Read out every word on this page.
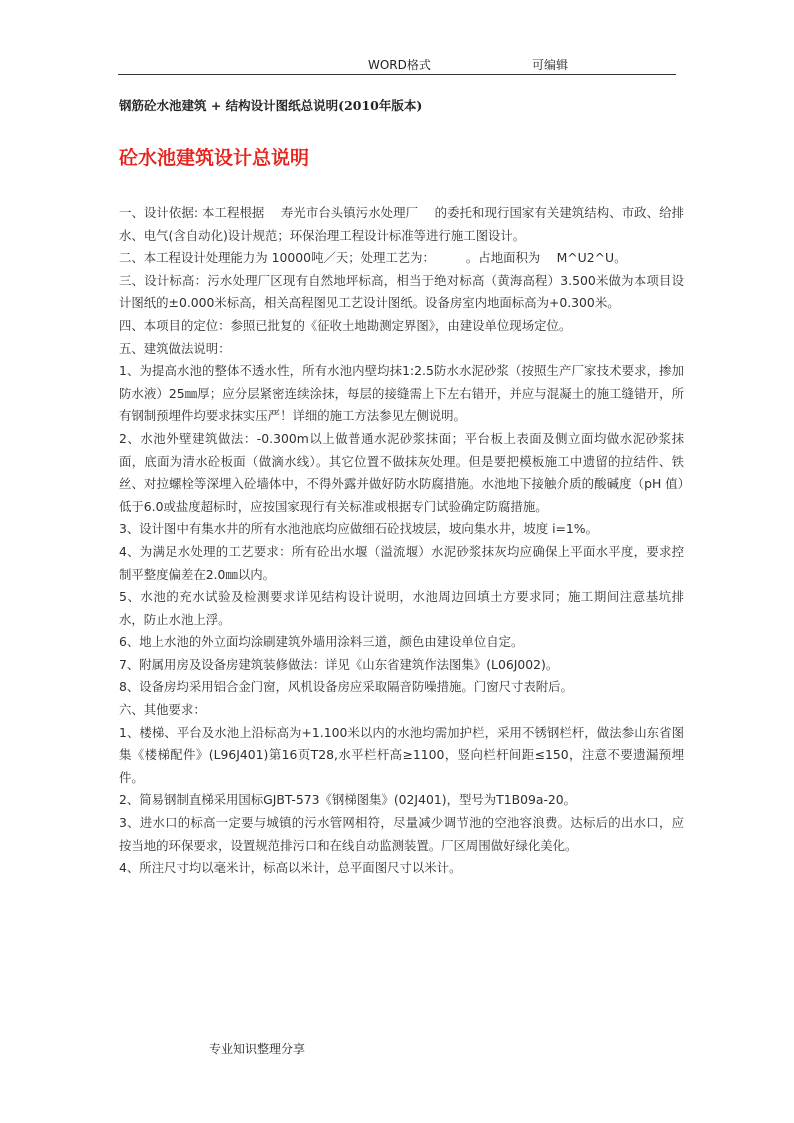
WORD格式	可编辑
钢筋砼水池建筑 + 结构设计图纸总说明(2010年版本)
砼水池建筑设计总说明

一、设计依据: 本工程根据　 寿光市台头镇污水处理厂　 的委托和现行国家有关建筑结构、市政、给排水、电气(含自动化)设计规范；环保治理工程设计标准等进行施工图设计。

二、本工程设计处理能力为 10000吨／天；处理工艺为：　　　。占地面积为　 M^U2^U。

三、设计标高：污水处理厂区现有自然地坪标高，相当于绝对标高（黄海高程）3.500米做为本项目设计图纸的±0.000米标高，相关高程图见工艺设计图纸。设备房室内地面标高为+0.300米。

四、本项目的定位：参照已批复的《征收土地勘测定界图》，由建设单位现场定位。

五、建筑做法说明：

1、为提高水池的整体不透水性，所有水池内壁均抹1:2.5防水水泥砂浆（按照生产厂家技术要求，掺加防水液）25㎜厚；应分层紧密连续涂抹，每层的接缝需上下左右错开，并应与混凝土的施工缝错开，所有钢制预埋件均要求抹实压严！详细的施工方法参见左侧说明。

2、水池外壁建筑做法：-0.300m以上做普通水泥砂浆抹面；平台板上表面及侧立面均做水泥砂浆抹面，底面为清水砼板面（做滴水线）。其它位置不做抹灰处理。但是要把模板施工中遗留的拉结件、铁丝、对拉螺栓等深埋入砼墙体中，不得外露并做好防水防腐措施。水池地下接触介质的酸碱度（pH 值）低于6.0或盐度超标时，应按国家现行有关标准或根据专门试验确定防腐措施。

3、设计图中有集水井的所有水池池底均应做细石砼找坡层，坡向集水井，坡度 i=1%。

4、为满足水处理的工艺要求：所有砼出水堰（溢流堰）水泥砂浆抹灰均应确保上平面水平度，要求控制平整度偏差在2.0㎜以内。

5、水池的充水试验及检测要求详见结构设计说明，水池周边回填土方要求同；施工期间注意基坑排水，防止水池上浮。

6、地上水池的外立面均涂刷建筑外墙用涂料三道，颜色由建设单位自定。

7、附属用房及设备房建筑装修做法：详见《山东省建筑作法图集》(L06J002)。

8、设备房均采用铝合金门窗，风机设备房应采取隔音防噪措施。门窗尺寸表附后。

六、其他要求：

1、楼梯、平台及水池上沿标高为+1.100米以内的水池均需加护栏，采用不锈钢栏杆，做法参山东省图集《楼梯配件》(L96J401)第16页T28,水平栏杆高≥1100，竖向栏杆间距≤150，注意不要遗漏预埋件。

2、简易钢制直梯采用国标GJBT-573《钢梯图集》(02J401)，型号为T1B09a-20。

3、进水口的标高一定要与城镇的污水管网相符，尽量减少调节池的空池容浪费。达标后的出水口，应按当地的环保要求，设置规范排污口和在线自动监测装置。厂区周围做好绿化美化。

4、所注尺寸均以毫米计，标高以米计，总平面图尺寸以米计。

专业知识整理分享
